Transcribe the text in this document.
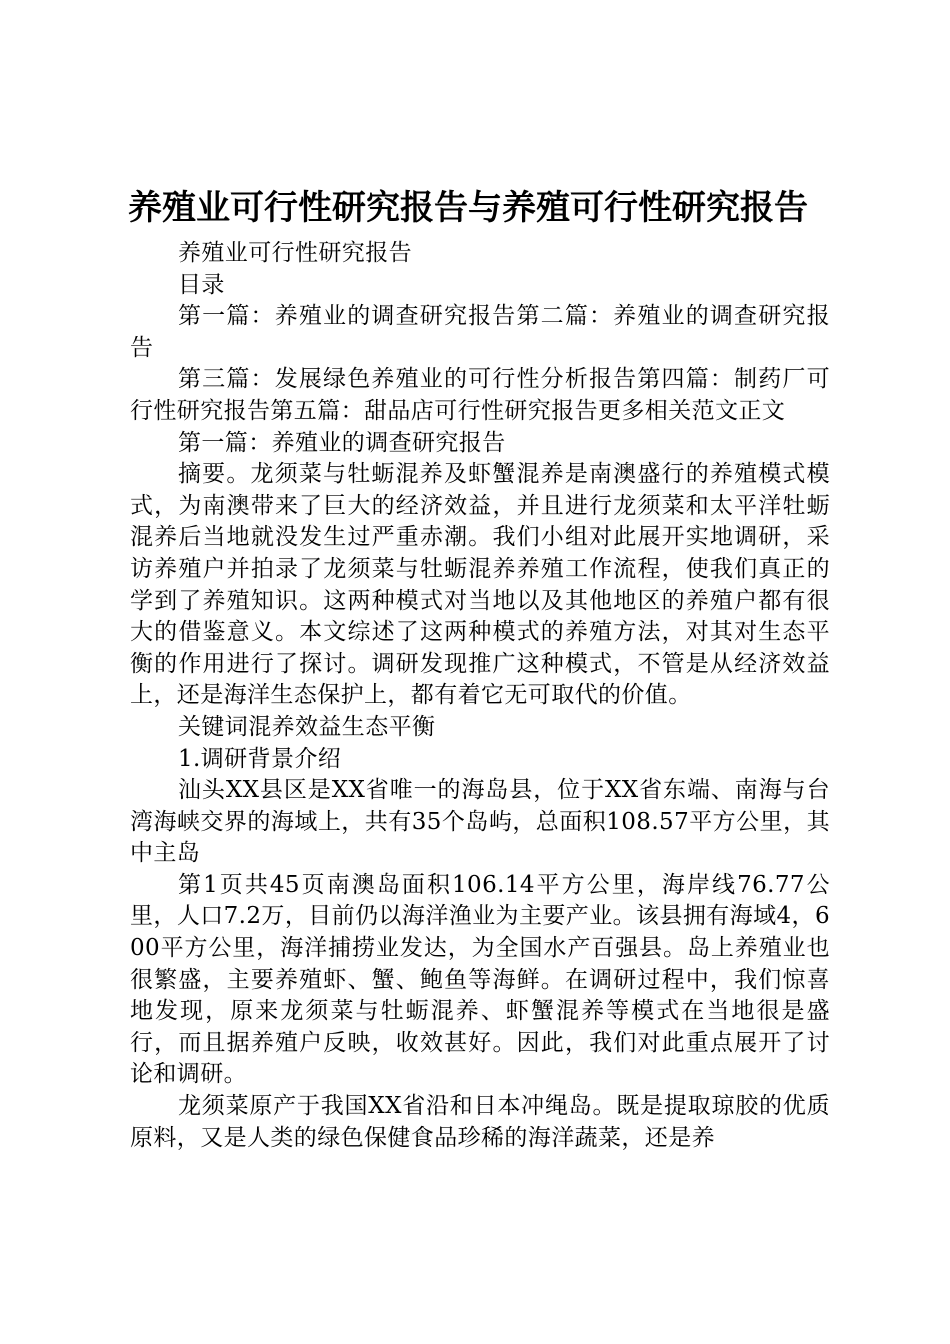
养殖业可行性研究报告与养殖可行性研究报告

养殖业可行性研究报告

目录

第一篇：养殖业的调查研究报告第二篇：养殖业的调查研究报告

第三篇：发展绿色养殖业的可行性分析报告第四篇：制药厂可行性研究报告第五篇：甜品店可行性研究报告更多相关范文正文

第一篇：养殖业的调查研究报告

摘要。龙须菜与牡蛎混养及虾蟹混养是南澳盛行的养殖模式模式，为南澳带来了巨大的经济效益，并且进行龙须菜和太平洋牡蛎混养后当地就没发生过严重赤潮。我们小组对此展开实地调研，采访养殖户并拍录了龙须菜与牡蛎混养养殖工作流程，使我们真正的学到了养殖知识。这两种模式对当地以及其他地区的养殖户都有很大的借鉴意义。本文综述了这两种模式的养殖方法，对其对生态平衡的作用进行了探讨。调研发现推广这种模式，不管是从经济效益上，还是海洋生态保护上，都有着它无可取代的价值。

关键词混养效益生态平衡

1.调研背景介绍

汕头XX县区是XX省唯一的海岛县，位于XX省东端、南海与台湾海峡交界的海域上，共有35个岛屿，总面积108.57平方公里，其中主岛

第1页共45页南澳岛面积106.14平方公里，海岸线76.77公里，人口7.2万，目前仍以海洋渔业为主要产业。该县拥有海域4，600平方公里，海洋捕捞业发达，为全国水产百强县。岛上养殖业也很繁盛，主要养殖虾、蟹、鲍鱼等海鲜。在调研过程中，我们惊喜地发现，原来龙须菜与牡蛎混养、虾蟹混养等模式在当地很是盛行，而且据养殖户反映，收效甚好。因此，我们对此重点展开了讨论和调研。

龙须菜原产于我国XX省沿和日本冲绳岛。既是提取琼胶的优质原料，又是人类的绿色保健食品珍稀的海洋蔬菜，还是养
